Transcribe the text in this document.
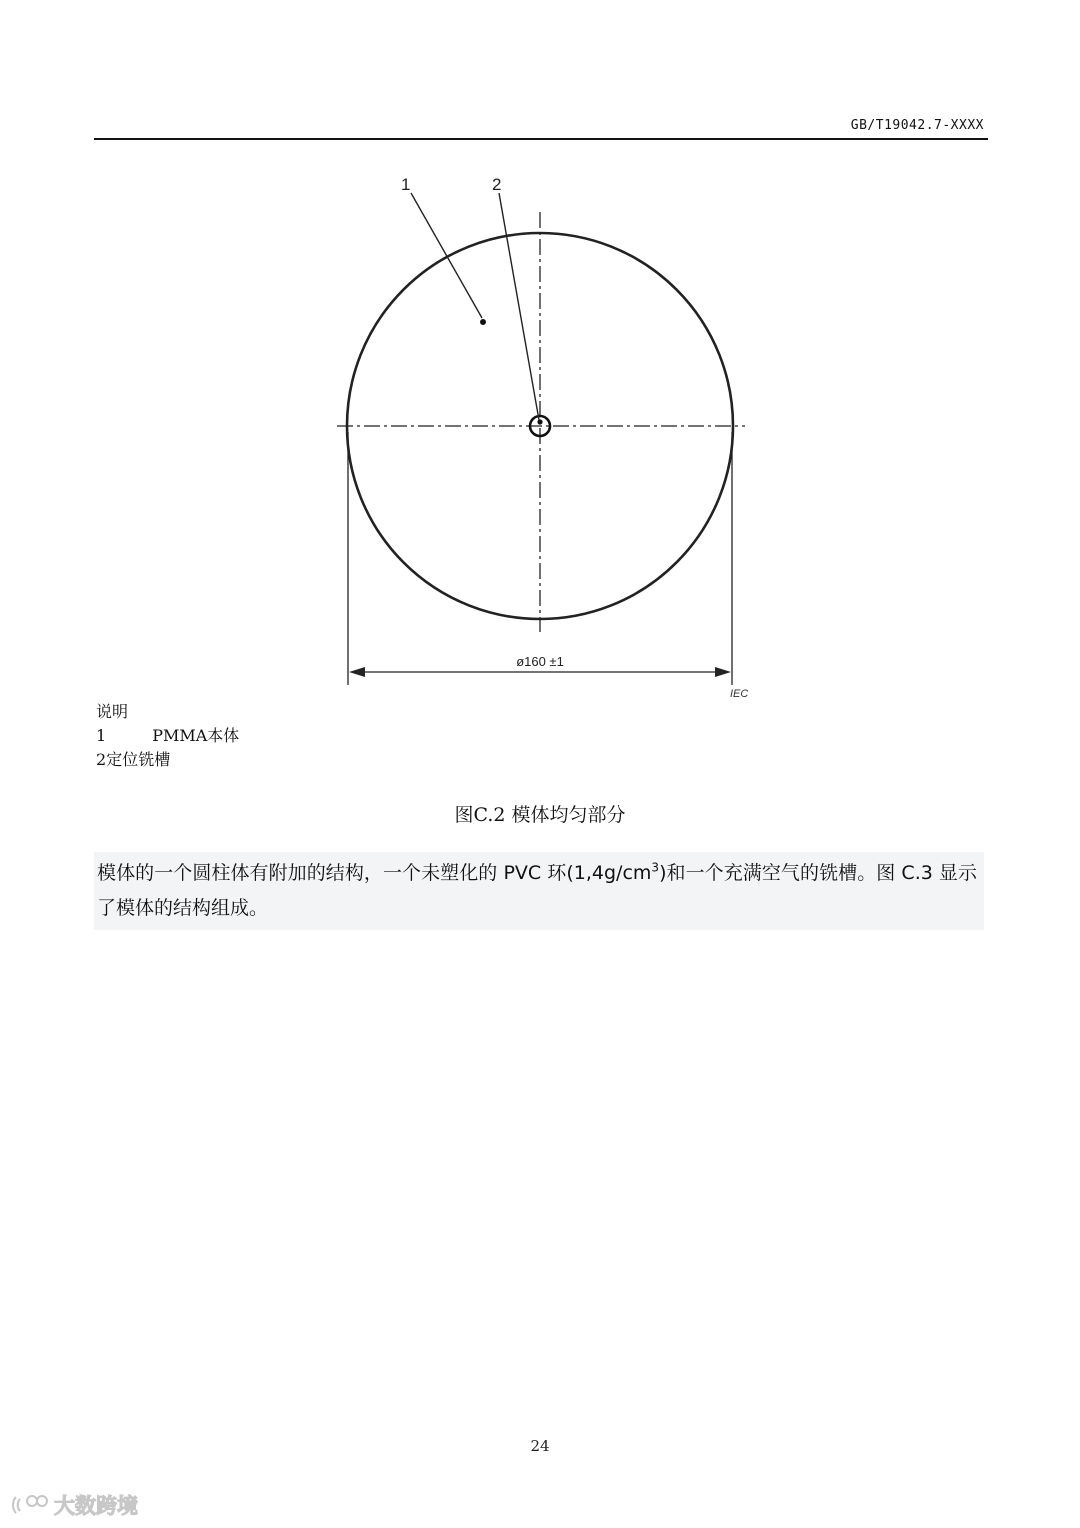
GB/T19042.7-XXXX
1	2
ø160 ±1
IEC
说明
1	PMMA本体
2定位铣槽
图C.2 模体均匀部分
模体的一个圆柱体有附加的结构，一个未塑化的 PVC 环$(1,4g/cm^3)$和一个充满空气的铣槽。图 C.3 显示了模体的结构组成。
24
大数跨境
